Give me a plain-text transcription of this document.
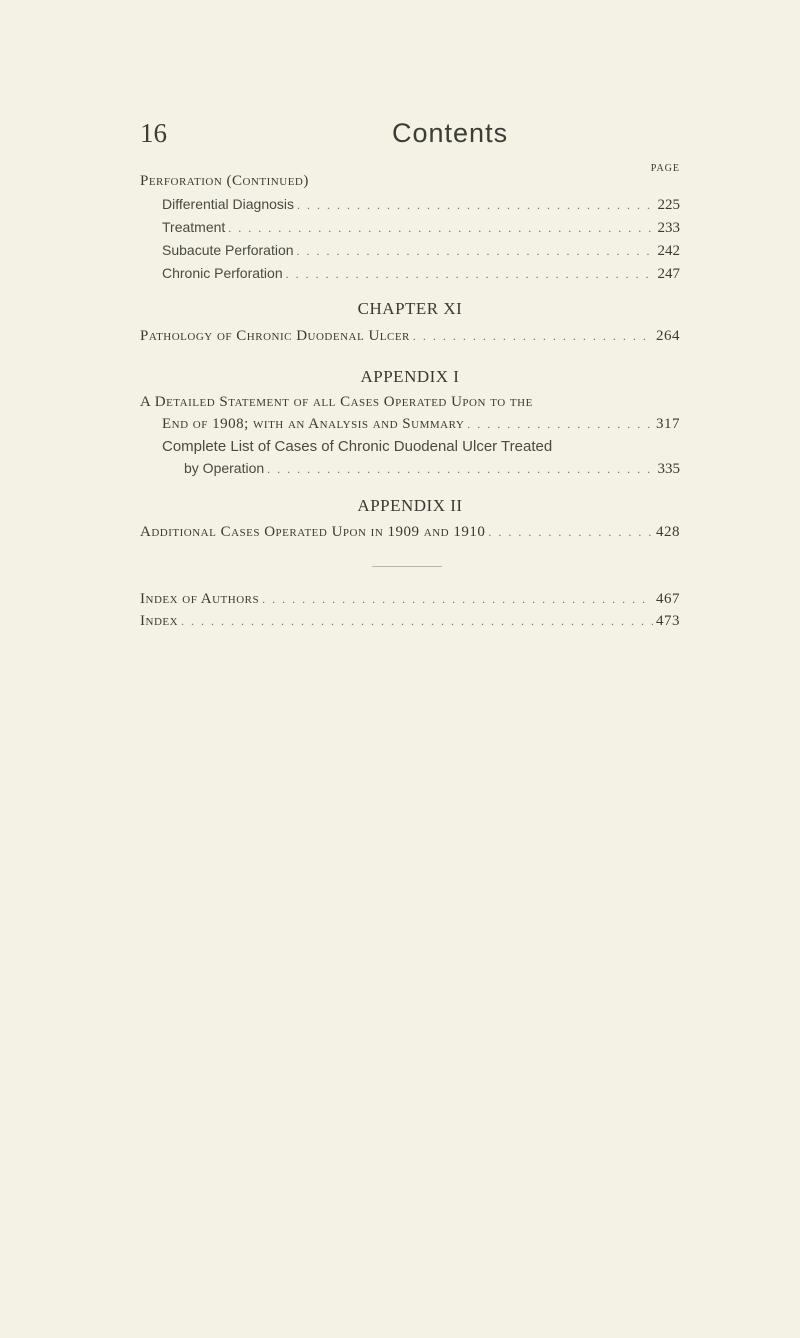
16	Contents
Perforation (Continued)
PAGE
Differential Diagnosis . . .	225
Treatment . . .	233
Subacute Perforation . . .	242
Chronic Perforation . . .	247
CHAPTER XI
Pathology of Chronic Duodenal Ulcer . . .	264
APPENDIX I
A Detailed Statement of all Cases Operated Upon to the
End of 1908; with an Analysis and Summary . . .	317
Complete List of Cases of Chronic Duodenal Ulcer Treated
by Operation . . .	335
APPENDIX II
Additional Cases Operated Upon in 1909 and 1910 . . .	428
Index of Authors . . .	467
Index . . .	473
